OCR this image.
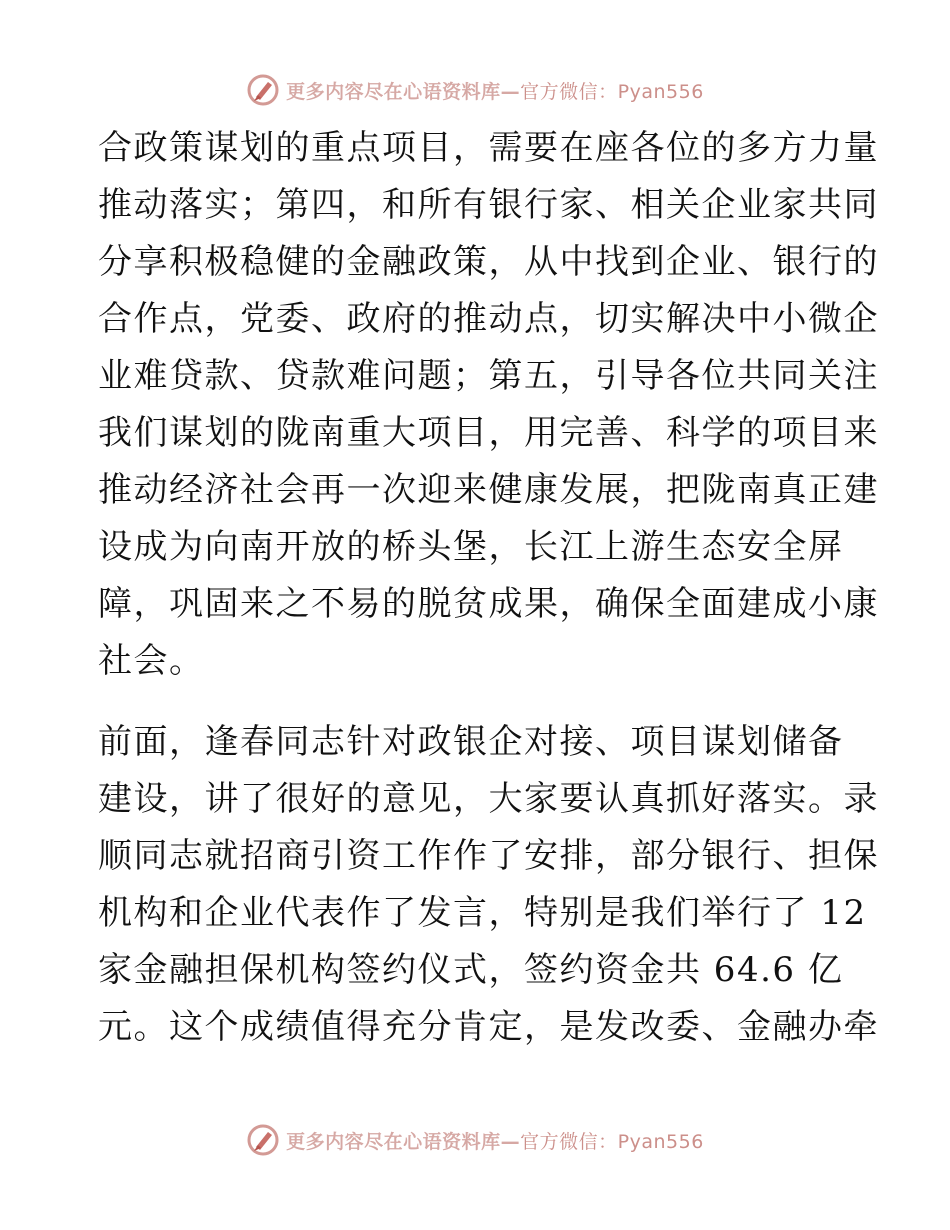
更多内容尽在心语资料库—官方微信：Pyan556
合政策谋划的重点项目，需要在座各位的多方力量
推动落实；第四，和所有银行家、相关企业家共同
分享积极稳健的金融政策，从中找到企业、银行的
合作点，党委、政府的推动点，切实解决中小微企
业难贷款、贷款难问题；第五，引导各位共同关注
我们谋划的陇南重大项目，用完善、科学的项目来
推动经济社会再一次迎来健康发展，把陇南真正建
设成为向南开放的桥头堡，长江上游生态安全屏
障，巩固来之不易的脱贫成果，确保全面建成小康
社会。
前面，逢春同志针对政银企对接、项目谋划储备
建设，讲了很好的意见，大家要认真抓好落实。录
顺同志就招商引资工作作了安排，部分银行、担保
机构和企业代表作了发言，特别是我们举行了 12
家金融担保机构签约仪式，签约资金共 64.6 亿
元。这个成绩值得充分肯定，是发改委、金融办牵
更多内容尽在心语资料库—官方微信：Pyan556
